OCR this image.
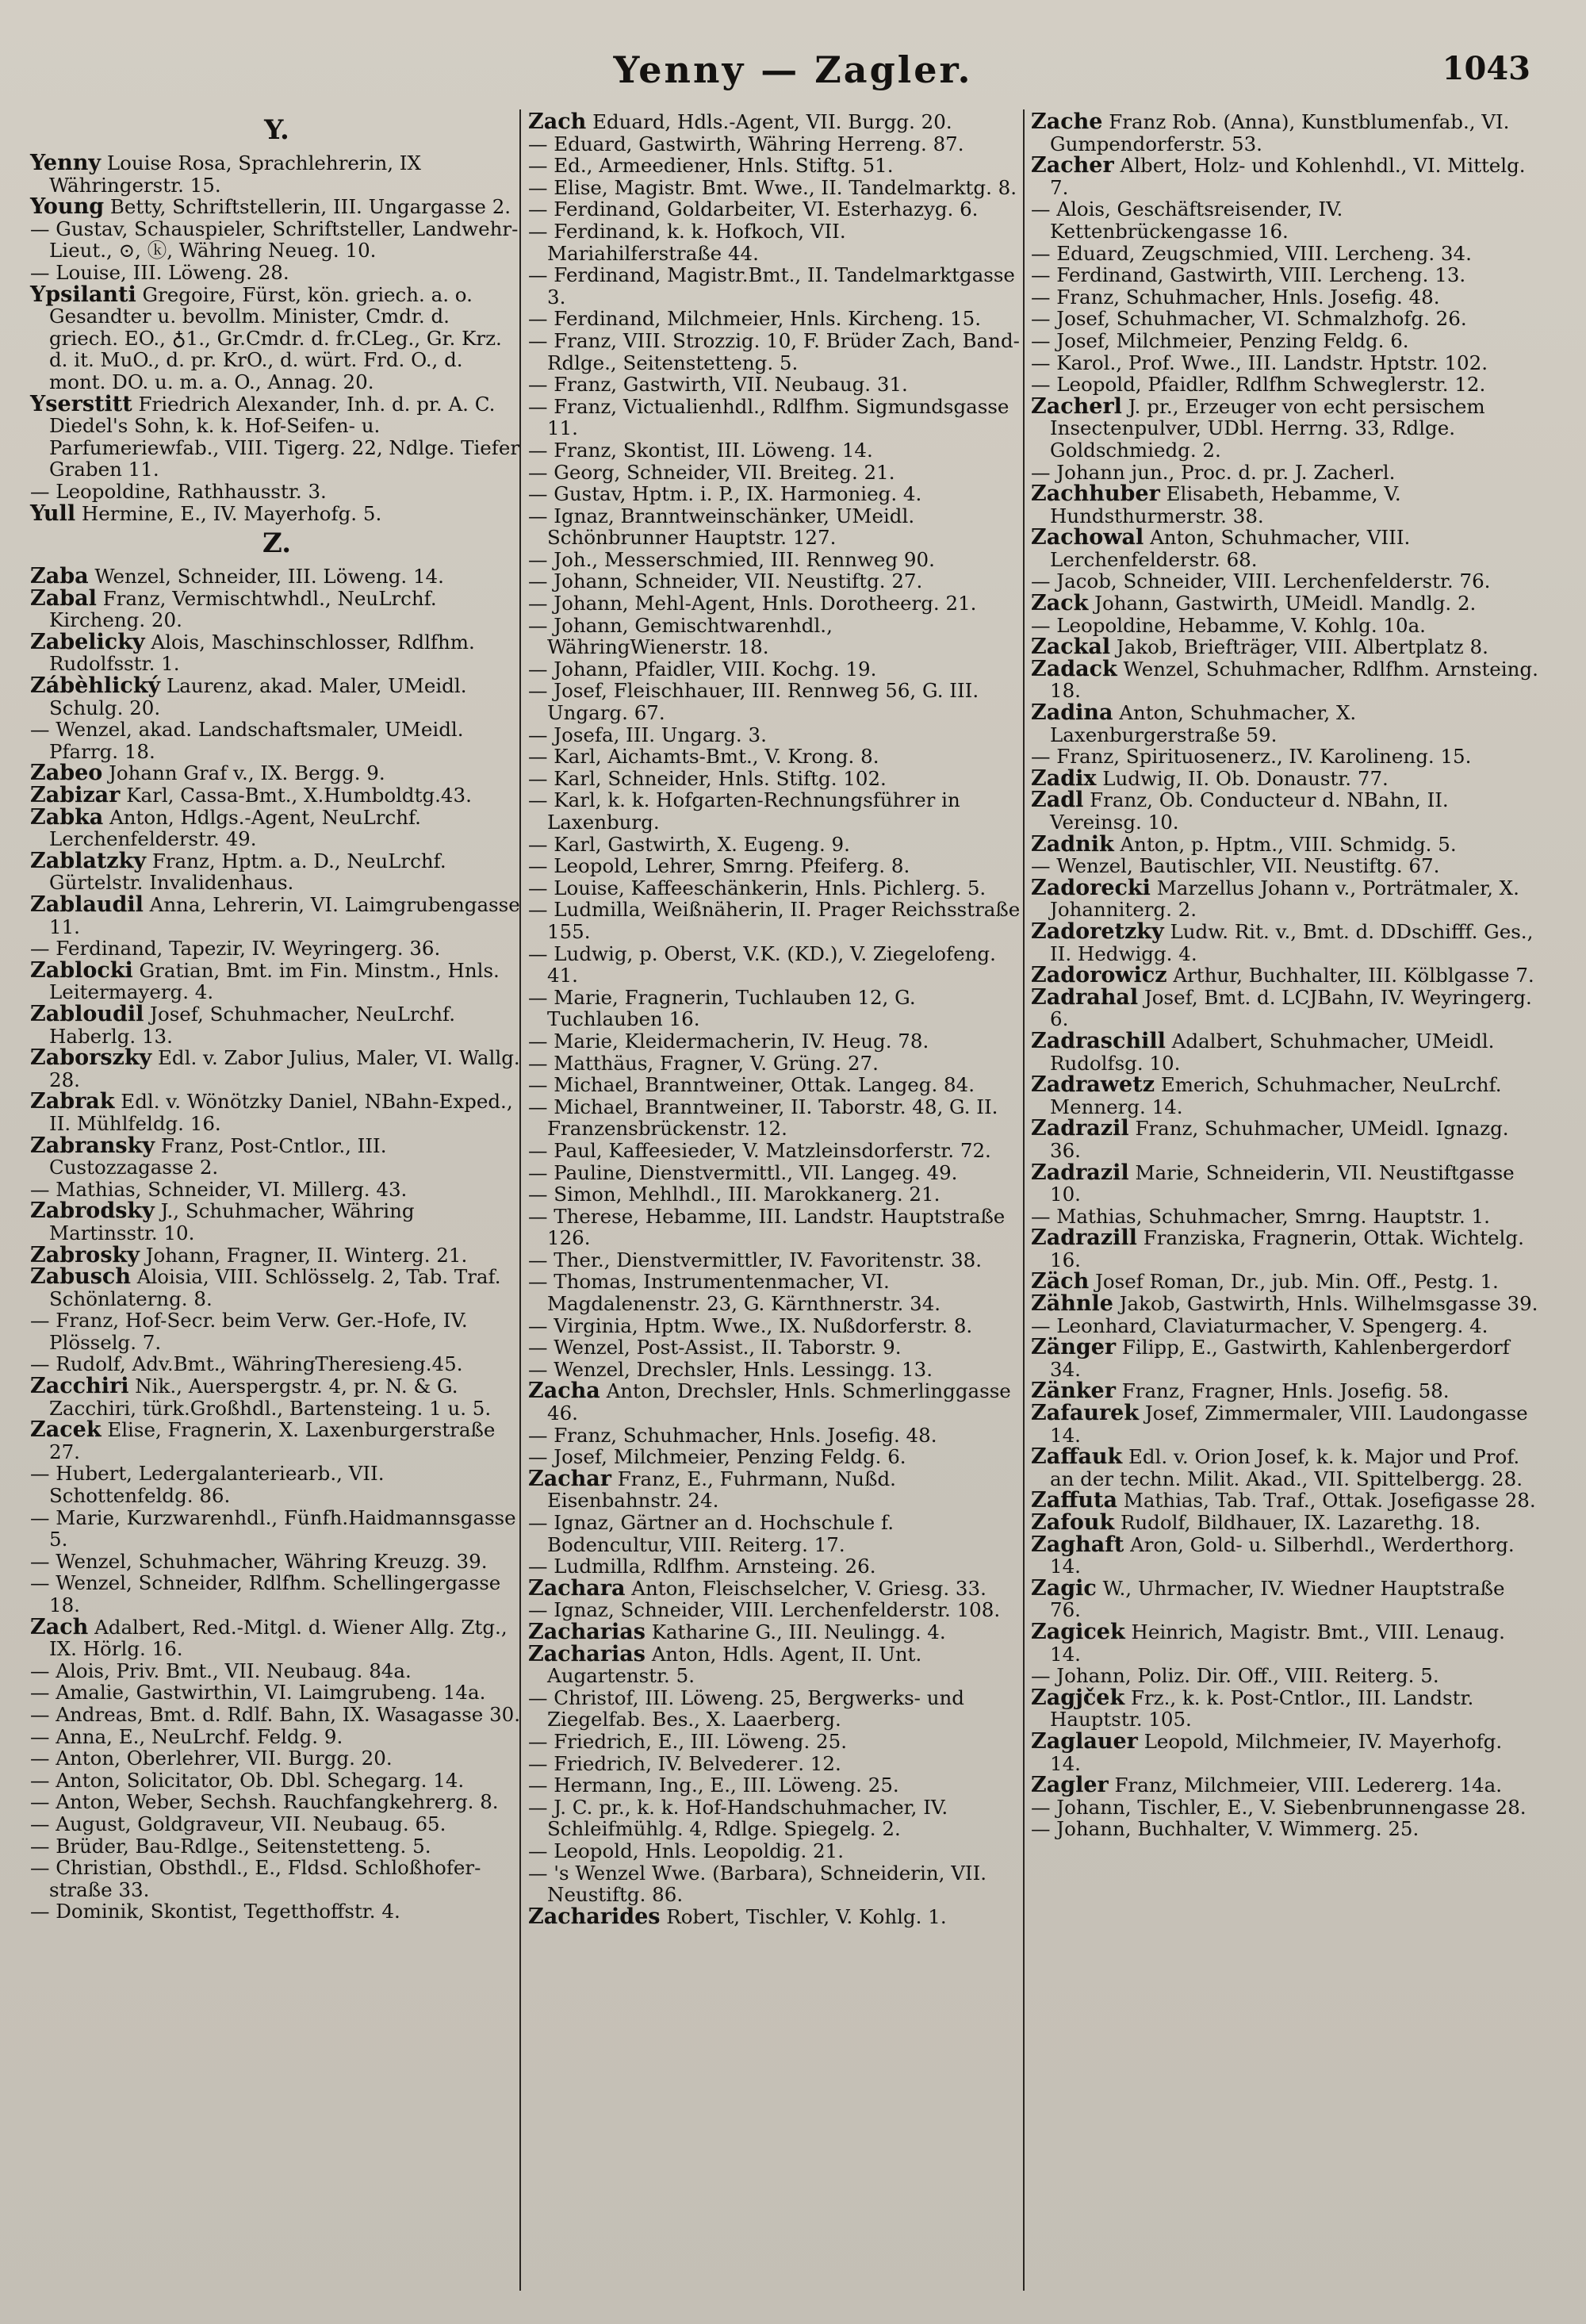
Yenny — Zagler.	1043
Y.

Yenny Louise Rosa, Sprachlehrerin, IX Währingerstr. 15.

Young Betty, Schriftstellerin, III. Ungargasse 2.

— Gustav, Schauspieler, Schriftsteller, Landwehr-Lieut., ⊙, ⓚ, Währing Neueg. 10.

— Louise, III. Löweng. 28.

Ypsilanti Gregoire, Fürst, kön. griech. a. o. Gesandter u. bevollm. Minister, Cmdr. d. griech. EO., ♁1., Gr.Cmdr. d. fr.CLeg., Gr. Krz. d. it. MuO., d. pr. KrO., d. würt. Frd. O., d. mont. DO. u. m. a. O., Annag. 20.

Yserstitt Friedrich Alexander, Inh. d. pr. A. C. Diedel's Sohn, k. k. Hof-Seifen- u. Parfumeriewfab., VIII. Tigerg. 22, Ndlge. Tiefer Graben 11.

— Leopoldine, Rathhausstr. 3.

Yull Hermine, E., IV. Mayerhofg. 5.

Z.

Zaba Wenzel, Schneider, III. Löweng. 14.

Zabal Franz, Vermischtwhdl., NeuLrchf. Kircheng. 20.

Zabelicky Alois, Maschinschlosser, Rdlfhm. Rudolfsstr. 1.

Zábèhlický Laurenz, akad. Maler, UMeidl. Schulg. 20.

— Wenzel, akad. Landschaftsmaler, UMeidl. Pfarrg. 18.

Zabeo Johann Graf v., IX. Bergg. 9.

Zabizar Karl, Cassa-Bmt., X.Humboldtg.43.

Zabka Anton, Hdlgs.-Agent, NeuLrchf. Lerchenfelderstr. 49.

Zablatzky Franz, Hptm. a. D., NeuLrchf. Gürtelstr. Invalidenhaus.

Zablaudil Anna, Lehrerin, VI. Laimgrubengasse 11.

— Ferdinand, Tapezir, IV. Weyringerg. 36.

Zablocki Gratian, Bmt. im Fin. Minstm., Hnls. Leitermayerg. 4.

Zabloudil Josef, Schuhmacher, NeuLrchf. Haberlg. 13.

Zaborszky Edl. v. Zabor Julius, Maler, VI. Wallg. 28.

Zabrak Edl. v. Wönötzky Daniel, NBahn-Exped., II. Mühlfeldg. 16.

Zabransky Franz, Post-Cntlor., III. Custozzagasse 2.

— Mathias, Schneider, VI. Millerg. 43.

Zabrodsky J., Schuhmacher, Währing Martinsstr. 10.

Zabrosky Johann, Fragner, II. Winterg. 21.

Zabusch Aloisia, VIII. Schlösselg. 2, Tab. Traf. Schönlaterng. 8.

— Franz, Hof-Secr. beim Verw. Ger.-Hofe, IV. Plösselg. 7.

— Rudolf, Adv.Bmt., WähringTheresieng.45.

Zacchiri Nik., Auerspergstr. 4, pr. N. & G. Zacchiri, türk.Großhdl., Bartensteing. 1 u. 5.

Zacek Elise, Fragnerin, X. Laxenburgerstraße 27.

— Hubert, Ledergalanteriearb., VII. Schottenfeldg. 86.

— Marie, Kurzwarenhdl., Fünfh.Haidmannsgasse 5.

— Wenzel, Schuhmacher, Währing Kreuzg. 39.

— Wenzel, Schneider, Rdlfhm. Schellingergasse 18.

Zach Adalbert, Red.-Mitgl. d. Wiener Allg. Ztg., IX. Hörlg. 16.

— Alois, Priv. Bmt., VII. Neubaug. 84a.

— Amalie, Gastwirthin, VI. Laimgrubeng. 14a.

— Andreas, Bmt. d. Rdlf. Bahn, IX. Wasagasse 30.

— Anna, E., NeuLrchf. Feldg. 9.

— Anton, Oberlehrer, VII. Burgg. 20.

— Anton, Solicitator, Ob. Dbl. Schegarg. 14.

— Anton, Weber, Sechsh. Rauchfangkehrerg. 8.

— August, Goldgraveur, VII. Neubaug. 65.

— Brüder, Bau-Rdlge., Seitenstetteng. 5.

— Christian, Obsthdl., E., Fldsd. Schloßhofer-straße 33.

— Dominik, Skontist, Tegetthoffstr. 4.

Zach Eduard, Hdls.-Agent, VII. Burgg. 20.

— Eduard, Gastwirth, Währing Herreng. 87.

— Ed., Armeediener, Hnls. Stiftg. 51.

— Elise, Magistr. Bmt. Wwe., II. Tandelmarktg. 8.

— Ferdinand, Goldarbeiter, VI. Esterhazyg. 6.

— Ferdinand, k. k. Hofkoch, VII. Mariahilferstraße 44.

— Ferdinand, Magistr.Bmt., II. Tandelmarktgasse 3.

— Ferdinand, Milchmeier, Hnls. Kircheng. 15.

— Franz, VIII. Strozzig. 10, F. Brüder Zach, Band-Rdlge., Seitenstetteng. 5.

— Franz, Gastwirth, VII. Neubaug. 31.

— Franz, Victualienhdl., Rdlfhm. Sigmundsgasse 11.

— Franz, Skontist, III. Löweng. 14.

— Georg, Schneider, VII. Breiteg. 21.

— Gustav, Hptm. i. P., IX. Harmonieg. 4.

— Ignaz, Branntweinschänker, UMeidl. Schönbrunner Hauptstr. 127.

— Joh., Messerschmied, III. Rennweg 90.

— Johann, Schneider, VII. Neustiftg. 27.

— Johann, Mehl-Agent, Hnls. Dorotheerg. 21.

— Johann, Gemischtwarenhdl., WähringWienerstr. 18.

— Johann, Pfaidler, VIII. Kochg. 19.

— Josef, Fleischhauer, III. Rennweg 56, G. III. Ungarg. 67.

— Josefa, III. Ungarg. 3.

— Karl, Aichamts-Bmt., V. Krong. 8.

— Karl, Schneider, Hnls. Stiftg. 102.

— Karl, k. k. Hofgarten-Rechnungsführer in Laxenburg.

— Karl, Gastwirth, X. Eugeng. 9.

— Leopold, Lehrer, Smrng. Pfeiferg. 8.

— Louise, Kaffeeschänkerin, Hnls. Pichlerg. 5.

— Ludmilla, Weißnäherin, II. Prager Reichsstraße 155.

— Ludwig, p. Oberst, V.K. (KD.), V. Ziegelofeng. 41.

— Marie, Fragnerin, Tuchlauben 12, G. Tuchlauben 16.

— Marie, Kleidermacherin, IV. Heug. 78.

— Matthäus, Fragner, V. Grüng. 27.

— Michael, Branntweiner, Ottak. Langeg. 84.

— Michael, Branntweiner, II. Taborstr. 48, G. II. Franzensbrückenstr. 12.

— Paul, Kaffeesieder, V. Matzleinsdorferstr. 72.

— Pauline, Dienstvermittl., VII. Langeg. 49.

— Simon, Mehlhdl., III. Marokkanerg. 21.

— Therese, Hebamme, III. Landstr. Hauptstraße 126.

— Ther., Dienstvermittler, IV. Favoritenstr. 38.

— Thomas, Instrumentenmacher, VI. Magdalenenstr. 23, G. Kärnthnerstr. 34.

— Virginia, Hptm. Wwe., IX. Nußdorferstr. 8.

— Wenzel, Post-Assist., II. Taborstr. 9.

— Wenzel, Drechsler, Hnls. Lessingg. 13.

Zacha Anton, Drechsler, Hnls. Schmerlinggasse 46.

— Franz, Schuhmacher, Hnls. Josefig. 48.

— Josef, Milchmeier, Penzing Feldg. 6.

Zachar Franz, E., Fuhrmann, Nußd. Eisenbahnstr. 24.

— Ignaz, Gärtner an d. Hochschule f. Bodencultur, VIII. Reiterg. 17.

— Ludmilla, Rdlfhm. Arnsteing. 26.

Zachara Anton, Fleischselcher, V. Griesg. 33.

— Ignaz, Schneider, VIII. Lerchenfelderstr. 108.

Zacharias Katharine G., III. Neulingg. 4.

Zacharias Anton, Hdls. Agent, II. Unt. Augartenstr. 5.

— Christof, III. Löweng. 25, Bergwerks- und Ziegelfab. Bes., X. Laaerberg.

— Friedrich, E., III. Löweng. 25.

— Friedrich, IV. Belvederег. 12.

— Hermann, Ing., E., III. Löweng. 25.

— J. C. pr., k. k. Hof-Handschuhmacher, IV. Schleifmühlg. 4, Rdlge. Spiegelg. 2.

— Leopold, Hnls. Leopoldig. 21.

— 's Wenzel Wwe. (Barbara), Schneiderin, VII. Neustiftg. 86.

Zacharides Robert, Tischler, V. Kohlg. 1.

Zache Franz Rob. (Anna), Kunstblumenfab., VI. Gumpendorferstr. 53.

Zacher Albert, Holz- und Kohlenhdl., VI. Mittelg. 7.

— Alois, Geschäftsreisender, IV. Kettenbrückengasse 16.

— Eduard, Zeugschmied, VIII. Lercheng. 34.

— Ferdinand, Gastwirth, VIII. Lercheng. 13.

— Franz, Schuhmacher, Hnls. Josefig. 48.

— Josef, Schuhmacher, VI. Schmalzhofg. 26.

— Josef, Milchmeier, Penzing Feldg. 6.

— Karol., Prof. Wwe., III. Landstr. Hptstr. 102.

— Leopold, Pfaidler, Rdlfhm Schweglerstr. 12.

Zacherl J. pr., Erzeuger von echt persischem Insectenpulver, UDbl. Herrng. 33, Rdlge. Goldschmiedg. 2.

— Johann jun., Proc. d. pr. J. Zacherl.

Zachhuber Elisabeth, Hebamme, V. Hundsthurmerstr. 38.

Zachowal Anton, Schuhmacher, VIII. Lerchenfelderstr. 68.

— Jacob, Schneider, VIII. Lerchenfelderstr. 76.

Zack Johann, Gastwirth, UMeidl. Mandlg. 2.

— Leopoldine, Hebamme, V. Kohlg. 10a.

Zackal Jakob, Briefträger, VIII. Albertplatz 8.

Zadack Wenzel, Schuhmacher, Rdlfhm. Arnsteing. 18.

Zadina Anton, Schuhmacher, X. Laxenburgerstraße 59.

— Franz, Spirituosenerz., IV. Karolineng. 15.

Zadix Ludwig, II. Ob. Donaustr. 77.

Zadl Franz, Ob. Conducteur d. NBahn, II. Vereinsg. 10.

Zadnik Anton, p. Hptm., VIII. Schmidg. 5.

— Wenzel, Bautischler, VII. Neustiftg. 67.

Zadorecki Marzellus Johann v., Porträtmaler, X. Johanniterg. 2.

Zadoretzky Ludw. Rit. v., Bmt. d. DDschifff. Ges., II. Hedwigg. 4.

Zadorowicz Arthur, Buchhalter, III. Kölblgasse 7.

Zadrahal Josef, Bmt. d. LCJBahn, IV. Weyringerg. 6.

Zadraschill Adalbert, Schuhmacher, UMeidl. Rudolfsg. 10.

Zadrawetz Emerich, Schuhmacher, NeuLrchf. Mennerg. 14.

Zadrazil Franz, Schuhmacher, UMeidl. Ignazg. 36.

Zadrazil Marie, Schneiderin, VII. Neustiftgasse 10.

— Mathias, Schuhmacher, Smrng. Hauptstr. 1.

Zadrazill Franziska, Fragnerin, Ottak. Wichtelg. 16.

Zäch Josef Roman, Dr., jub. Min. Off., Pestg. 1.

Zähnle Jakob, Gastwirth, Hnls. Wilhelmsgasse 39.

— Leonhard, Claviaturmacher, V. Spengerg. 4.

Zänger Filipp, E., Gastwirth, Kahlenbergerdorf 34.

Zänker Franz, Fragner, Hnls. Josefig. 58.

Zafaurek Josef, Zimmermaler, VIII. Laudongasse 14.

Zaffauk Edl. v. Orion Josef, k. k. Major und Prof. an der techn. Milit. Akad., VII. Spittelbergg. 28.

Zaffuta Mathias, Tab. Traf., Ottak. Josefigasse 28.

Zafouk Rudolf, Bildhauer, IX. Lazarethg. 18.

Zaghaft Aron, Gold- u. Silberhdl., Werderthorg. 14.

Zagic W., Uhrmacher, IV. Wiedner Hauptstraße 76.

Zagicek Heinrich, Magistr. Bmt., VIII. Lenaug. 14.

— Johann, Poliz. Dir. Off., VIII. Reiterg. 5.

Zagjček Frz., k. k. Post-Cntlor., III. Landstr. Hauptstr. 105.

Zaglauer Leopold, Milchmeier, IV. Mayerhofg. 14.

Zagler Franz, Milchmeier, VIII. Ledererg. 14a.

— Johann, Tischler, E., V. Siebenbrunnengasse 28.

— Johann, Buchhalter, V. Wimmerg. 25.
